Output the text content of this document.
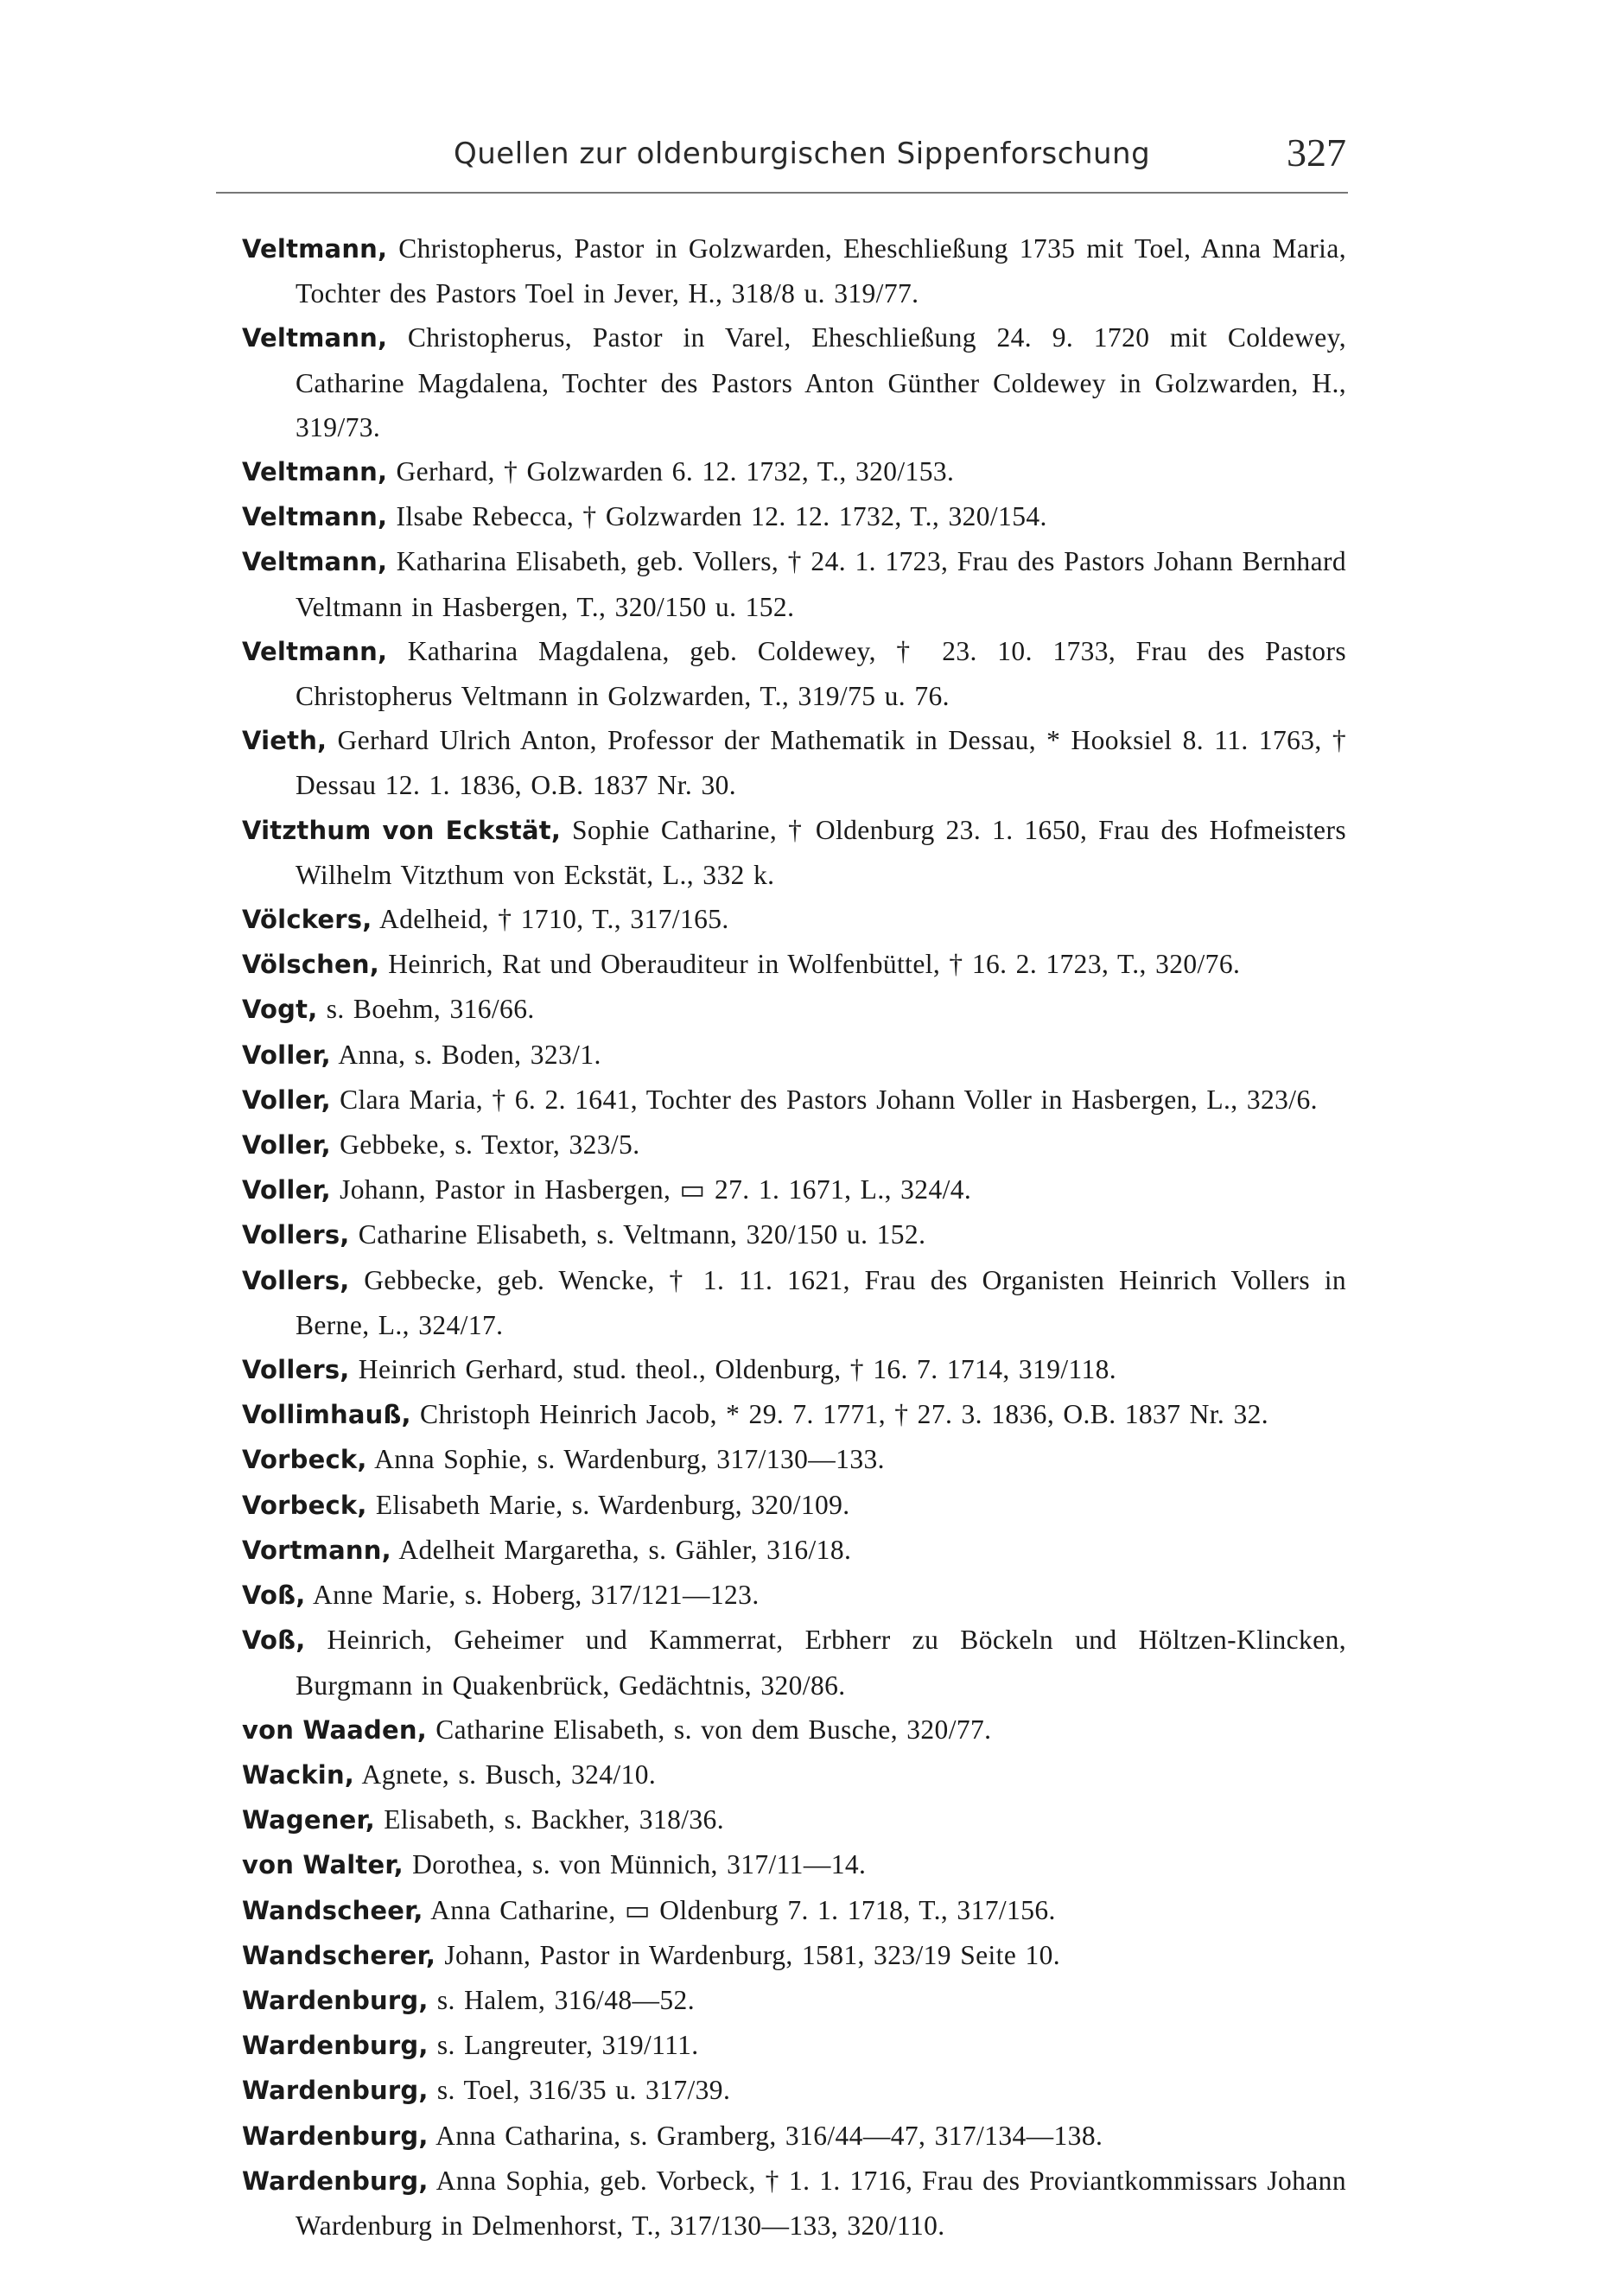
Quellen zur oldenburgischen Sippenforschung	327
Veltmann, Christopherus, Pastor in Golzwarden, Eheschließung 1735 mit Toel, Anna Maria, Tochter des Pastors Toel in Jever, H., 318/8 u. 319/77.
Veltmann, Christopherus, Pastor in Varel, Eheschließung 24. 9. 1720 mit Coldewey, Catharine Magdalena, Tochter des Pastors Anton Günther Coldewey in Golzwarden, H., 319/73.
Veltmann, Gerhard, † Golzwarden 6. 12. 1732, T., 320/153.
Veltmann, Ilsabe Rebecca, † Golzwarden 12. 12. 1732, T., 320/154.
Veltmann, Katharina Elisabeth, geb. Vollers, † 24. 1. 1723, Frau des Pastors Johann Bernhard Veltmann in Hasbergen, T., 320/150 u. 152.
Veltmann, Katharina Magdalena, geb. Coldewey, † 23. 10. 1733, Frau des Pastors Christopherus Veltmann in Golzwarden, T., 319/75 u. 76.
Vieth, Gerhard Ulrich Anton, Professor der Mathematik in Dessau, * Hooksiel 8. 11. 1763, † Dessau 12. 1. 1836, O.B. 1837 Nr. 30.
Vitzthum von Eckstät, Sophie Catharine, † Oldenburg 23. 1. 1650, Frau des Hofmeisters Wilhelm Vitzthum von Eckstät, L., 332 k.
Völckers, Adelheid, † 1710, T., 317/165.
Völschen, Heinrich, Rat und Oberauditeur in Wolfenbüttel, † 16. 2. 1723, T., 320/76.
Vogt, s. Boehm, 316/66.
Voller, Anna, s. Boden, 323/1.
Voller, Clara Maria, † 6. 2. 1641, Tochter des Pastors Johann Voller in Hasbergen, L., 323/6.
Voller, Gebbeke, s. Textor, 323/5.
Voller, Johann, Pastor in Hasbergen, ▭ 27. 1. 1671, L., 324/4.
Vollers, Catharine Elisabeth, s. Veltmann, 320/150 u. 152.
Vollers, Gebbecke, geb. Wencke, † 1. 11. 1621, Frau des Organisten Heinrich Vollers in Berne, L., 324/17.
Vollers, Heinrich Gerhard, stud. theol., Oldenburg, † 16. 7. 1714, 319/118.
Vollimhauß, Christoph Heinrich Jacob, * 29. 7. 1771, † 27. 3. 1836, O.B. 1837 Nr. 32.
Vorbeck, Anna Sophie, s. Wardenburg, 317/130—133.
Vorbeck, Elisabeth Marie, s. Wardenburg, 320/109.
Vortmann, Adelheit Margaretha, s. Gähler, 316/18.
Voß, Anne Marie, s. Hoberg, 317/121—123.
Voß, Heinrich, Geheimer und Kammerrat, Erbherr zu Böckeln und Höltzen-Klincken, Burgmann in Quakenbrück, Gedächtnis, 320/86.
von Waaden, Catharine Elisabeth, s. von dem Busche, 320/77.
Wackin, Agnete, s. Busch, 324/10.
Wagener, Elisabeth, s. Backher, 318/36.
von Walter, Dorothea, s. von Münnich, 317/11—14.
Wandscheer, Anna Catharine, ▭ Oldenburg 7. 1. 1718, T., 317/156.
Wandscherer, Johann, Pastor in Wardenburg, 1581, 323/19 Seite 10.
Wardenburg, s. Halem, 316/48—52.
Wardenburg, s. Langreuter, 319/111.
Wardenburg, s. Toel, 316/35 u. 317/39.
Wardenburg, Anna Catharina, s. Gramberg, 316/44—47, 317/134—138.
Wardenburg, Anna Sophia, geb. Vorbeck, † 1. 1. 1716, Frau des Proviantkommissars Johann Wardenburg in Delmenhorst, T., 317/130—133, 320/110.
